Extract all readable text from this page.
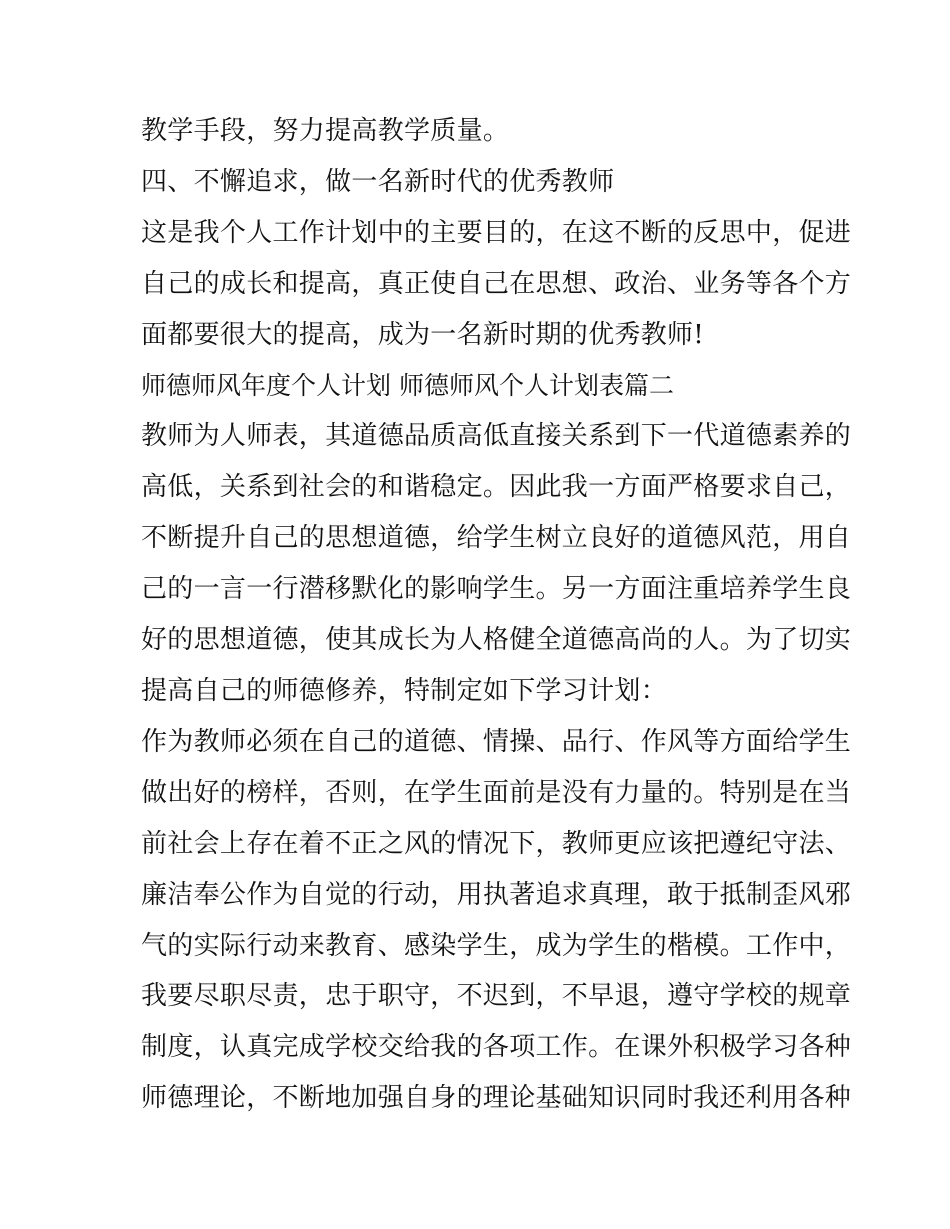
教学手段，努力提高教学质量。

四、不懈追求，做一名新时代的优秀教师

这是我个人工作计划中的主要目的，在这不断的反思中，促进

自己的成长和提高，真正使自己在思想、政治、业务等各个方

面都要很大的提高，成为一名新时期的优秀教师!

师德师风年度个人计划 师德师风个人计划表篇二

教师为人师表，其道德品质高低直接关系到下一代道德素养的

高低，关系到社会的和谐稳定。因此我一方面严格要求自己，

不断提升自己的思想道德，给学生树立良好的道德风范，用自

己的一言一行潜移默化的影响学生。另一方面注重培养学生良

好的思想道德，使其成长为人格健全道德高尚的人。为了切实

提高自己的师德修养，特制定如下学习计划：

作为教师必须在自己的道德、情操、品行、作风等方面给学生

做出好的榜样，否则，在学生面前是没有力量的。特别是在当

前社会上存在着不正之风的情况下，教师更应该把遵纪守法、

廉洁奉公作为自觉的行动，用执著追求真理，敢于抵制歪风邪

气的实际行动来教育、感染学生，成为学生的楷模。工作中，

我要尽职尽责，忠于职守，不迟到，不早退，遵守学校的规章

制度，认真完成学校交给我的各项工作。在课外积极学习各种

师德理论，不断地加强自身的理论基础知识同时我还利用各种
